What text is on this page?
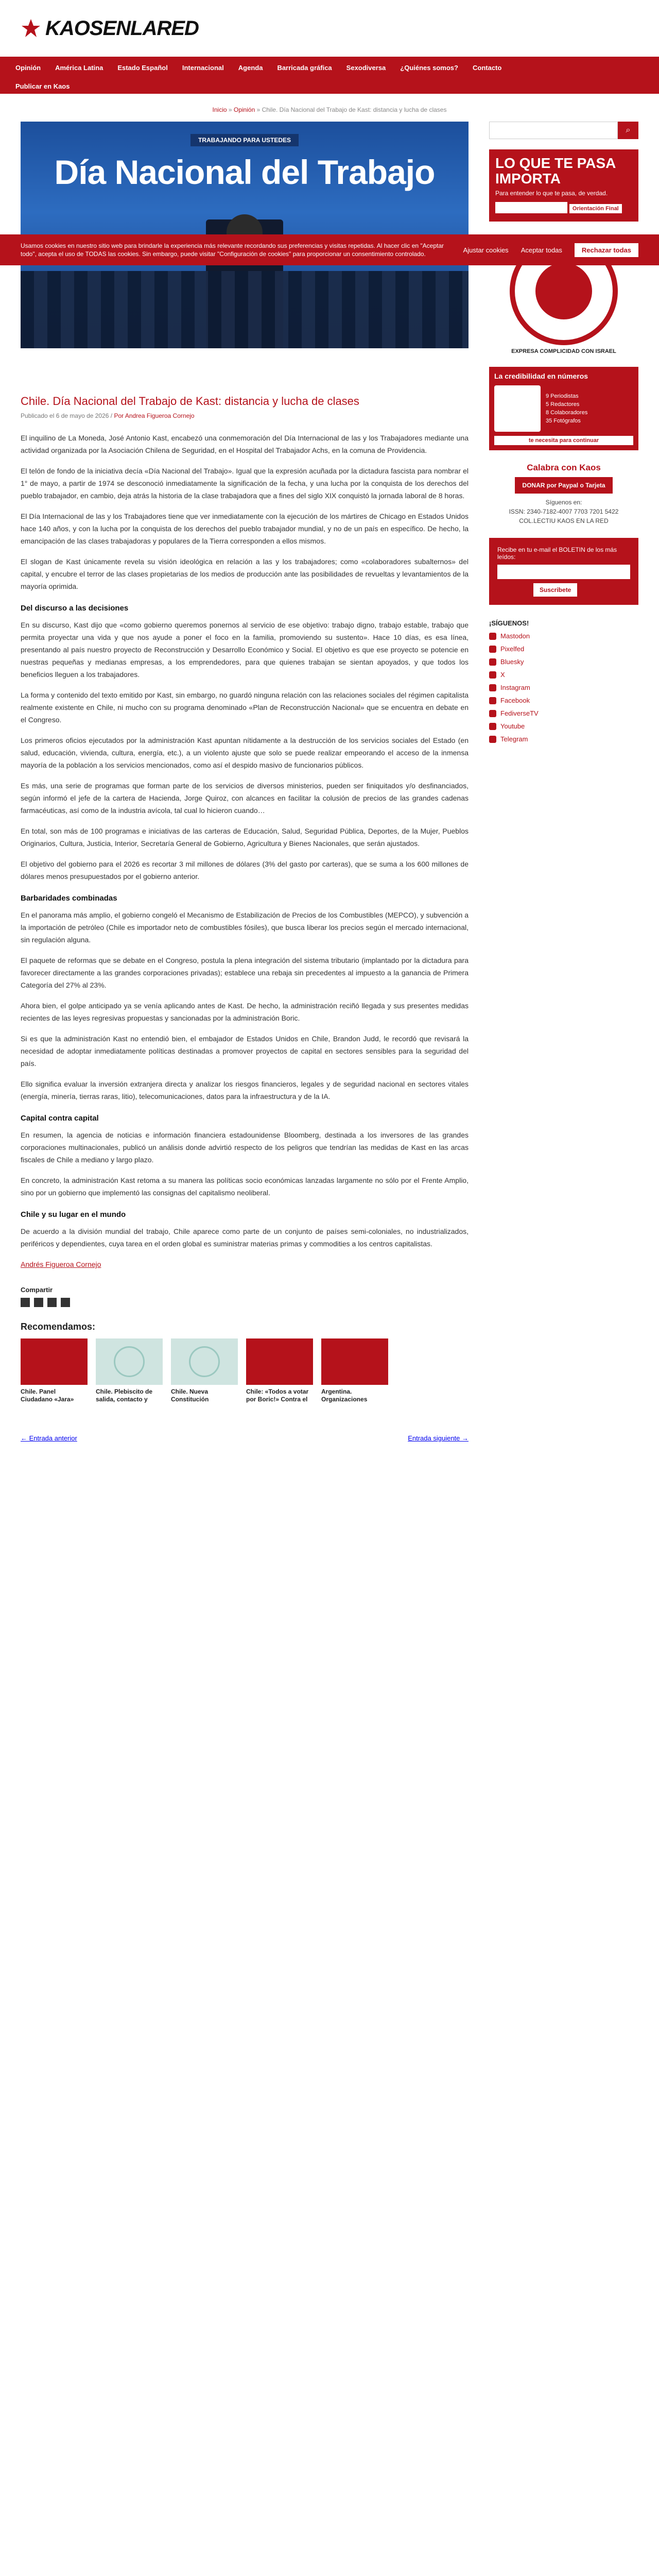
KAOSENLARED
Opinión América Latina Estado Español Internacional Agenda Barricada gráfica Sexodiversa ¿Quiénes somos? Contacto
Publicar en Kaos
Inicio » Opinión » Chile. Día Nacional del Trabajo de Kast: distancia y lucha de clases

Usamos cookies en nuestro sitio web para brindarle la experiencia más relevante recordando sus preferencias y visitas repetidas. Al hacer clic en "Aceptar todo", acepta el uso de TODAS las cookies. Sin embargo, puede visitar "Configuración de cookies" para proporcionar un consentimiento controlado.

Ajustar cookies Aceptar todas	Rechazar todas
TRABAJANDO PARA USTEDES
Día Nacional del Trabajo
Chile. Día Nacional del Trabajo de Kast: distancia y lucha de clases
Publicado el 6 de mayo de 2026 / Por Andrea Figueroa Cornejo

El inquilino de La Moneda, José Antonio Kast, encabezó una conmemoración del Día Internacional de las y los Trabajadores mediante una actividad organizada por la Asociación Chilena de Seguridad, en el Hospital del Trabajador Achs, en la comuna de Providencia.

El telón de fondo de la iniciativa decía «Día Nacional del Trabajo». Igual que la expresión acuñada por la dictadura fascista para nombrar el 1° de mayo, a partir de 1974 se desconoció inmediatamente la significación de la fecha, y una lucha por la conquista de los derechos del pueblo trabajador, en cambio, deja atrás la historia de la clase trabajadora que a fines del siglo XIX conquistó la jornada laboral de 8 horas.

El Día Internacional de las y los Trabajadores tiene que ver inmediatamente con la ejecución de los mártires de Chicago en Estados Unidos hace 140 años, y con la lucha por la conquista de los derechos del pueblo trabajador mundial, y no de un país en específico. De hecho, la emancipación de las clases trabajadoras y populares de la Tierra corresponden a ellos mismos.

El slogan de Kast únicamente revela su visión ideológica en relación a las y los trabajadores; como «colaboradores subalternos» del capital, y encubre el terror de las clases propietarias de los medios de producción ante las posibilidades de revueltas y levantamientos de la mayoría oprimida.

Del discurso a las decisiones

En su discurso, Kast dijo que «como gobierno queremos ponernos al servicio de ese objetivo: trabajo digno, trabajo estable, trabajo que permita proyectar una vida y que nos ayude a poner el foco en la familia, promoviendo su sustento». Hace 10 días, es esa línea, presentando al país nuestro proyecto de Reconstrucción y Desarrollo Económico y Social. El objetivo es que ese proyecto se potencie en nuestras pequeñas y medianas empresas, a los emprendedores, para que quienes trabajan se sientan apoyados, y que todos los beneficios lleguen a los trabajadores.

La forma y contenido del texto emitido por Kast, sin embargo, no guardó ninguna relación con las relaciones sociales del régimen capitalista realmente existente en Chile, ni mucho con su programa denominado «Plan de Reconstrucción Nacional» que se encuentra en debate en el Congreso.

Los primeros oficios ejecutados por la administración Kast apuntan nítidamente a la destrucción de los servicios sociales del Estado (en salud, educación, vivienda, cultura, energía, etc.), a un violento ajuste que solo se puede realizar empeorando el acceso de la inmensa mayoría de la población a los servicios mencionados, como así el despido masivo de funcionarios públicos.

Es más, una serie de programas que forman parte de los servicios de diversos ministerios, pueden ser finiquitados y/o desfinanciados, según informó el jefe de la cartera de Hacienda, Jorge Quiroz, con alcances en facilitar la colusión de precios de las grandes cadenas farmacéuticas, así como de la industria avícola, tal cual lo hicieron cuando…

En total, son más de 100 programas e iniciativas de las carteras de Educación, Salud, Seguridad Pública, Deportes, de la Mujer, Pueblos Originarios, Cultura, Justicia, Interior, Secretaría General de Gobierno, Agricultura y Bienes Nacionales, que serán ajustados.

El objetivo del gobierno para el 2026 es recortar 3 mil millones de dólares (3% del gasto por carteras), que se suma a los 600 millones de dólares menos presupuestados por el gobierno anterior.

Barbaridades combinadas

En el panorama más amplio, el gobierno congeló el Mecanismo de Estabilización de Precios de los Combustibles (MEPCO), y subvención a la importación de petróleo (Chile es importador neto de combustibles fósiles), que busca liberar los precios según el mercado internacional, sin regulación alguna.

El paquete de reformas que se debate en el Congreso, postula la plena integración del sistema tributario (implantado por la dictadura para favorecer directamente a las grandes corporaciones privadas); establece una rebaja sin precedentes al impuesto a la ganancia de Primera Categoría del 27% al 23%.

Ahora bien, el golpe anticipado ya se venía aplicando antes de Kast. De hecho, la administración reciñó llegada y sus presentes medidas recientes de las leyes regresivas propuestas y sancionadas por la administración Boric.

Si es que la administración Kast no entendió bien, el embajador de Estados Unidos en Chile, Brandon Judd, le recordó que revisará la necesidad de adoptar inmediatamente políticas destinadas a promover proyectos de capital en sectores sensibles para la seguridad del país.

Ello significa evaluar la inversión extranjera directa y analizar los riesgos financieros, legales y de seguridad nacional en sectores vitales (energía, minería, tierras raras, litio), telecomunicaciones, datos para la infraestructura y de la IA.

Capital contra capital

En resumen, la agencia de noticias e información financiera estadounidense Bloomberg, destinada a los inversores de las grandes corporaciones multinacionales, publicó un análisis donde advirtió respecto de los peligros que tendrían las medidas de Kast en las arcas fiscales de Chile a mediano y largo plazo.

En concreto, la administración Kast retoma a su manera las políticas socio económicas lanzadas largamente no sólo por el Frente Amplio, sino por un gobierno que implementó las consignas del capitalismo neoliberal.

Chile y su lugar en el mundo

De acuerdo a la división mundial del trabajo, Chile aparece como parte de un conjunto de países semi-coloniales, no industrializados, periféricos y dependientes, cuya tarea en el orden global es suministrar materias primas y commodities a los centros capitalistas.

Andrés Figueroa Cornejo

Compartir
Recomendamos:

Chile. Panel Ciudadano «Jara»

Chile. Plebiscito de salida, contacto y

Chile. Nueva Constitución

Chile: «Todos a votar por Boric!» Contra el

Argentina. Organizaciones

← Entrada anterior	Entrada siguiente →
⌕
LO QUE TE PASA IMPORTA

Para entender lo que te pasa, de verdad.

Orientación Final
EXPRESA COMPLICIDAD CON ISRAEL
La credibilidad en números
9 Periodistas
5 Redactores
8 Colaboradores
35 Fotógrafos
te necesita para continuar
Calabra con Kaos
DONAR por Paypal o Tarjeta

Síguenos en:

ISSN: 2340-7182-4007 7703 7201 5422

COL.LECTIU KAOS EN LA RED

Recibe en tu e-mail el BOLETIN de los más leídos:
Suscribete
¡SÍGUENOS!
Mastodon
Pixelfed
Bluesky
X
Instagram
Facebook
FediverseTV
Youtube
Telegram
